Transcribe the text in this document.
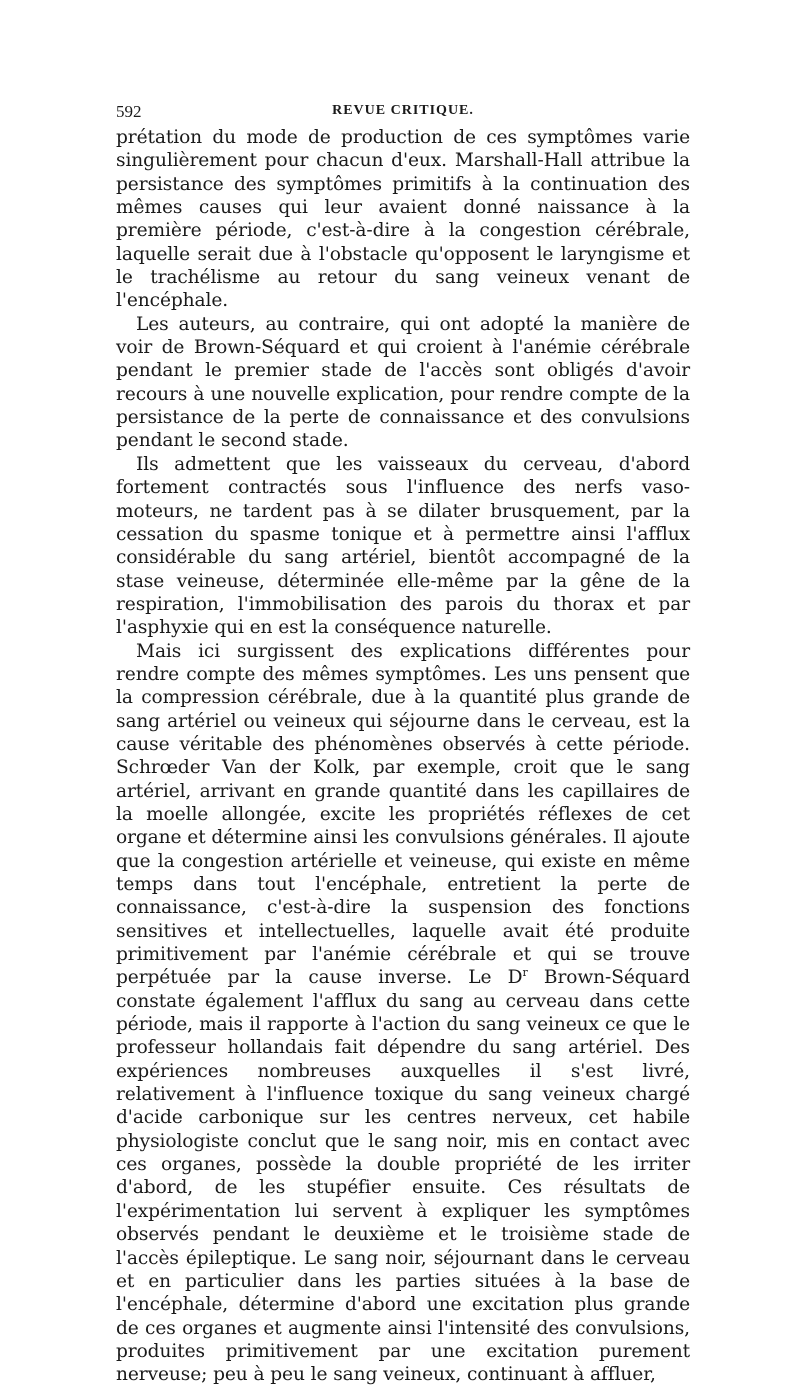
592	REVUE CRITIQUE.

prétation du mode de production de ces symptômes varie singulièrement pour chacun d'eux. Marshall-Hall attribue la persistance des symptômes primitifs à la continuation des mêmes causes qui leur avaient donné naissance à la première période, c'est-à-dire à la congestion cérébrale, laquelle serait due à l'obstacle qu'opposent le laryngisme et le trachélisme au retour du sang veineux venant de l'encéphale.

Les auteurs, au contraire, qui ont adopté la manière de voir de Brown-Séquard et qui croient à l'anémie cérébrale pendant le premier stade de l'accès sont obligés d'avoir recours à une nouvelle explication, pour rendre compte de la persistance de la perte de connaissance et des convulsions pendant le second stade.

Ils admettent que les vaisseaux du cerveau, d'abord fortement contractés sous l'influence des nerfs vaso-moteurs, ne tardent pas à se dilater brusquement, par la cessation du spasme tonique et à permettre ainsi l'afflux considérable du sang artériel, bientôt accompagné de la stase veineuse, déterminée elle-même par la gêne de la respiration, l'immobilisation des parois du thorax et par l'asphyxie qui en est la conséquence naturelle.

Mais ici surgissent des explications différentes pour rendre compte des mêmes symptômes. Les uns pensent que la compression cérébrale, due à la quantité plus grande de sang artériel ou veineux qui séjourne dans le cerveau, est la cause véritable des phénomènes observés à cette période. Schrœder Van der Kolk, par exemple, croit que le sang artériel, arrivant en grande quantité dans les capillaires de la moelle allongée, excite les propriétés réflexes de cet organe et détermine ainsi les convulsions générales. Il ajoute que la congestion artérielle et veineuse, qui existe en même temps dans tout l'encéphale, entretient la perte de connaissance, c'est-à-dire la suspension des fonctions sensitives et intellectuelles, laquelle avait été produite primitivement par l'anémie cérébrale et qui se trouve perpétuée par la cause inverse. Le $D^r$ Brown-Séquard constate également l'afflux du sang au cerveau dans cette période, mais il rapporte à l'action du sang veineux ce que le professeur hollandais fait dépendre du sang artériel. Des expériences nombreuses auxquelles il s'est livré, relativement à l'influence toxique du sang veineux chargé d'acide carbonique sur les centres nerveux, cet habile physiologiste conclut que le sang noir, mis en contact avec ces organes, possède la double propriété de les irriter d'abord, de les stupéfier ensuite. Ces résultats de l'expérimentation lui servent à expliquer les symptômes observés pendant le deuxième et le troisième stade de l'accès épileptique. Le sang noir, séjournant dans le cerveau et en particulier dans les parties situées à la base de l'encéphale, détermine d'abord une excitation plus grande de ces organes et augmente ainsi l'intensité des convulsions, produites primitivement par une excitation purement nerveuse; peu à peu le sang veineux, continuant à affluer,
